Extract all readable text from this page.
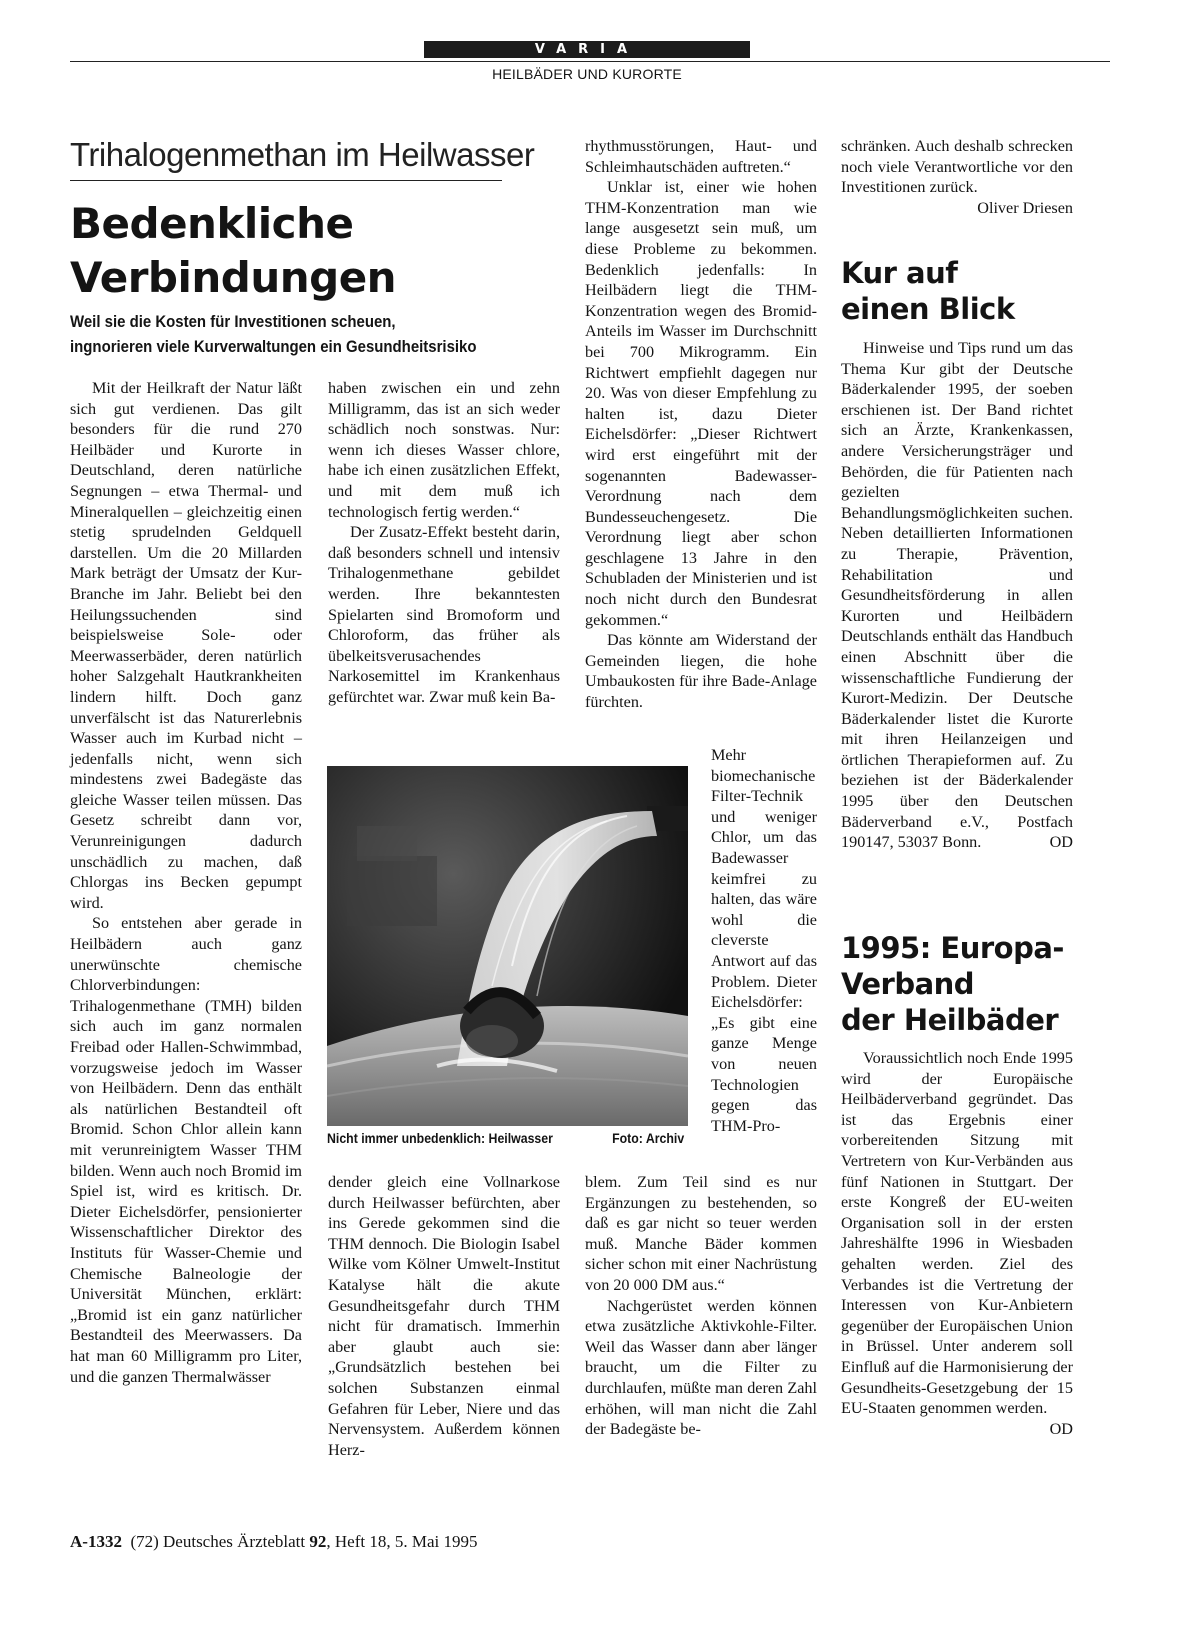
VARIA
HEILBÄDER UND KURORTE
Trihalogenmethan im Heilwasser
Bedenkliche
Verbindungen
Weil sie die Kosten für Investitionen scheuen,
ingnorieren viele Kurverwaltungen ein Gesundheitsrisiko

Mit der Heilkraft der Natur läßt sich gut verdienen. Das gilt besonders für die rund 270 Heilbäder und Kurorte in Deutschland, deren natürliche Segnungen – etwa Thermal- und Mineralquellen – gleichzeitig einen stetig sprudelnden Geldquell darstellen. Um die 20 Millarden Mark beträgt der Umsatz der Kur-Branche im Jahr. Beliebt bei den Heilungssuchenden sind beispielsweise Sole- oder Meerwasserbäder, deren natürlich hoher Salzgehalt Hautkrankheiten lindern hilft. Doch ganz unverfälscht ist das Naturerlebnis Wasser auch im Kurbad nicht – jedenfalls nicht, wenn sich mindestens zwei Badegäste das gleiche Wasser teilen müssen. Das Gesetz schreibt dann vor, Verunreinigungen dadurch unschädlich zu machen, daß Chlorgas ins Becken gepumpt wird.

So entstehen aber gerade in Heilbädern auch ganz unerwünschte chemische Chlorverbindungen: Trihalogenmethane (TMH) bilden sich auch im ganz normalen Freibad oder Hallen-Schwimmbad, vorzugsweise jedoch im Wasser von Heilbädern. Denn das enthält als natürlichen Bestandteil oft Bromid. Schon Chlor allein kann mit verunreinigtem Wasser THM bilden. Wenn auch noch Bromid im Spiel ist, wird es kritisch. Dr. Dieter Eichelsdörfer, pensionierter Wissenschaftlicher Direktor des Instituts für Wasser-Chemie und Chemische Balneologie der Universität München, erklärt: „Bromid ist ein ganz natürlicher Bestandteil des Meerwassers. Da hat man 60 Milligramm pro Liter, und die ganzen Thermalwässer

haben zwischen ein und zehn Milligramm, das ist an sich weder schädlich noch sonstwas. Nur: wenn ich dieses Wasser chlore, habe ich einen zusätzlichen Effekt, und mit dem muß ich technologisch fertig werden.“

Der Zusatz-Effekt besteht darin, daß besonders schnell und intensiv Trihalogenmethane gebildet werden. Ihre bekanntesten Spielarten sind Bromoform und Chloroform, das früher als übelkeitsverusachendes Narkosemittel im Krankenhaus gefürchtet war. Zwar muß kein Ba-

Nicht immer unbedenklich: Heilwasser	Foto: Archiv

dender gleich eine Vollnarkose durch Heilwasser befürchten, aber ins Gerede gekommen sind die THM dennoch. Die Biologin Isabel Wilke vom Kölner Umwelt-Institut Katalyse hält die akute Gesundheitsgefahr durch THM nicht für dramatisch. Immerhin aber glaubt auch sie: „Grundsätzlich bestehen bei solchen Substanzen einmal Gefahren für Leber, Niere und das Nervensystem. Außerdem können Herz-

rhythmusstörungen, Haut- und Schleimhautschäden auftreten.“

Unklar ist, einer wie hohen THM-Konzentration man wie lange ausgesetzt sein muß, um diese Probleme zu bekommen. Bedenklich jedenfalls: In Heilbädern liegt die THM-Konzentration wegen des Bromid-Anteils im Wasser im Durchschnitt bei 700 Mikrogramm. Ein Richtwert empfiehlt dagegen nur 20. Was von dieser Empfehlung zu halten ist, dazu Dieter Eichelsdörfer: „Dieser Richtwert wird erst eingeführt mit der sogenannten Badewasser-Verordnung nach dem Bundesseuchengesetz. Die Verordnung liegt aber schon geschlagene 13 Jahre in den Schubladen der Ministerien und ist noch nicht durch den Bundesrat gekommen.“

Das könnte am Widerstand der Gemeinden liegen, die hohe Umbaukosten für ihre Bade-Anlage fürchten.

Mehr biomechanische Filter-Technik und weniger Chlor, um das Badewasser keimfrei zu halten, das wäre wohl die cleverste Antwort auf das Problem. Dieter Eichelsdörfer: „Es gibt eine ganze Menge von neuen Technologien gegen das THM-Pro-

blem. Zum Teil sind es nur Ergänzungen zu bestehenden, so daß es gar nicht so teuer werden muß. Manche Bäder kommen sicher schon mit einer Nachrüstung von 20 000 DM aus.“

Nachgerüstet werden können etwa zusätzliche Aktivkohle-Filter. Weil das Wasser dann aber länger braucht, um die Filter zu durchlaufen, müßte man deren Zahl erhöhen, will man nicht die Zahl der Badegäste be-

schränken. Auch deshalb schrecken noch viele Verantwortliche vor den Investitionen zurück.
Oliver Driesen

Kur auf
einen Blick

Hinweise und Tips rund um das Thema Kur gibt der Deutsche Bäderkalender 1995, der soeben erschienen ist. Der Band richtet sich an Ärzte, Krankenkassen, andere Versicherungsträger und Behörden, die für Patienten nach gezielten Behandlungsmöglichkeiten suchen. Neben detaillierten Informationen zu Therapie, Prävention, Rehabilitation und Gesundheitsförderung in allen Kurorten und Heilbädern Deutschlands enthält das Handbuch einen Abschnitt über die wissenschaftliche Fundierung der Kurort-Medizin. Der Deutsche Bäderkalender listet die Kurorte mit ihren Heilanzeigen und örtlichen Therapieformen auf. Zu beziehen ist der Bäderkalender 1995 über den Deutschen Bäderverband e.V., Postfach 190147, 53037 Bonn.	OD

1995: Europa-
Verband
der Heilbäder

Voraussichtlich noch Ende 1995 wird der Europäische Heilbäderverband gegründet. Das ist das Ergebnis einer vorbereitenden Sitzung mit Vertretern von Kur-Verbänden aus fünf Nationen in Stuttgart. Der erste Kongreß der EU-weiten Organisation soll in der ersten Jahreshälfte 1996 in Wiesbaden gehalten werden. Ziel des Verbandes ist die Vertretung der Interessen von Kur-Anbietern gegenüber der Europäischen Union in Brüssel. Unter anderem soll Einfluß auf die Harmonisierung der Gesundheits-Gesetzgebung der 15 EU-Staaten genommen werden.
OD

A-1332 (72) Deutsches Ärzteblatt 92, Heft 18, 5. Mai 1995
